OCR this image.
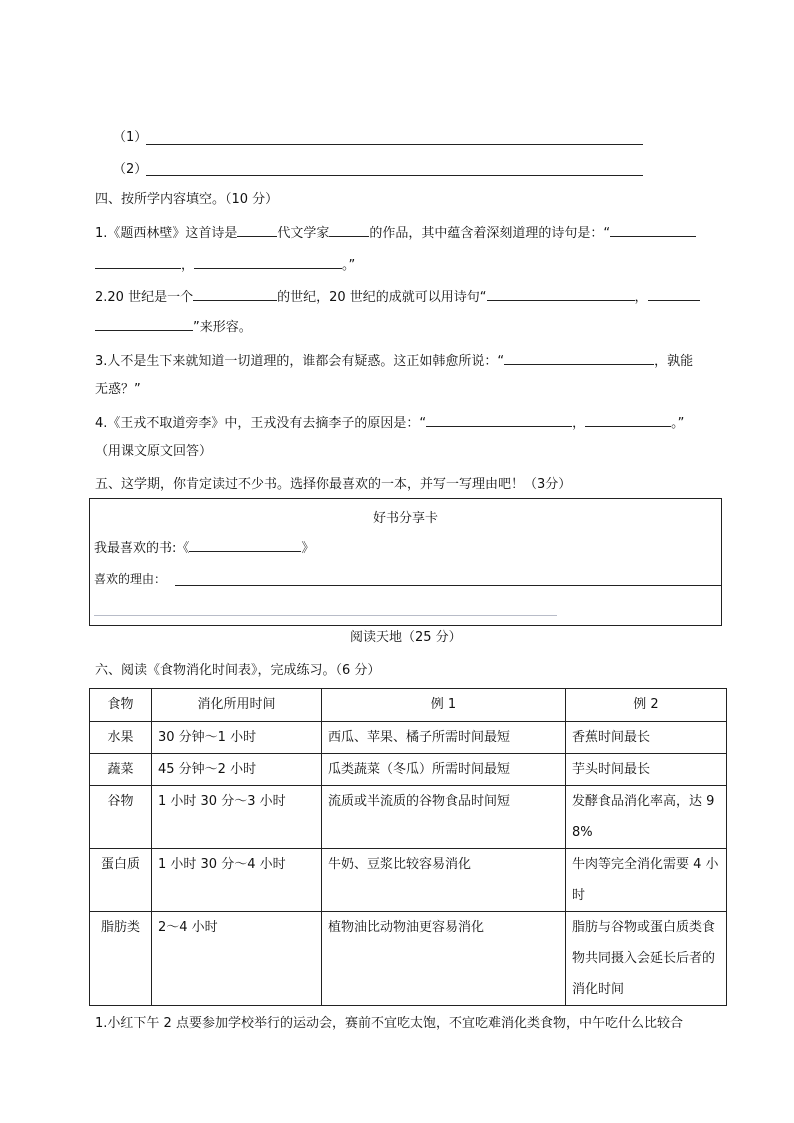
（1）
（2）
四、按所学内容填空。（10 分）
1.《题西林壁》这首诗是	代文学家	的作品，其中蕴含着深刻道理的诗句是：“
，	。”
2.20 世纪是一个	的世纪，20 世纪的成就可以用诗句“	，
”来形容。
3.人不是生下来就知道一切道理的，谁都会有疑惑。这正如韩愈所说：“	，孰能
无惑？”
4.《王戎不取道旁李》中，王戎没有去摘李子的原因是：“	，	。”
（用课文原文回答）
五、这学期，你肯定读过不少书。选择你最喜欢的一本，并写一写理由吧！（3分）
好书分享卡
我最喜欢的书:《	》
喜欢的理由：
阅读天地（25 分）
六、阅读《食物消化时间表》，完成练习。（6 分）
食物	消化所用时间	例 1	例 2
水果	30 分钟～1 小时	西瓜、苹果、橘子所需时间最短	香蕉时间最长
蔬菜	45 分钟～2 小时	瓜类蔬菜（冬瓜）所需时间最短	芋头时间最长
谷物	1 小时 30 分～3 小时	流质或半流质的谷物食品时间短	发酵食品消化率高，达 9 8%
蛋白质	1 小时 30 分～4 小时	牛奶、豆浆比较容易消化	牛肉等完全消化需要 4 小时
脂肪类	2～4 小时	植物油比动物油更容易消化	脂肪与谷物或蛋白质类食物共同摄入会延长后者的消化时间
1.小红下午 2 点要参加学校举行的运动会，赛前不宜吃太饱，不宜吃难消化类食物，中午吃什么比较合
